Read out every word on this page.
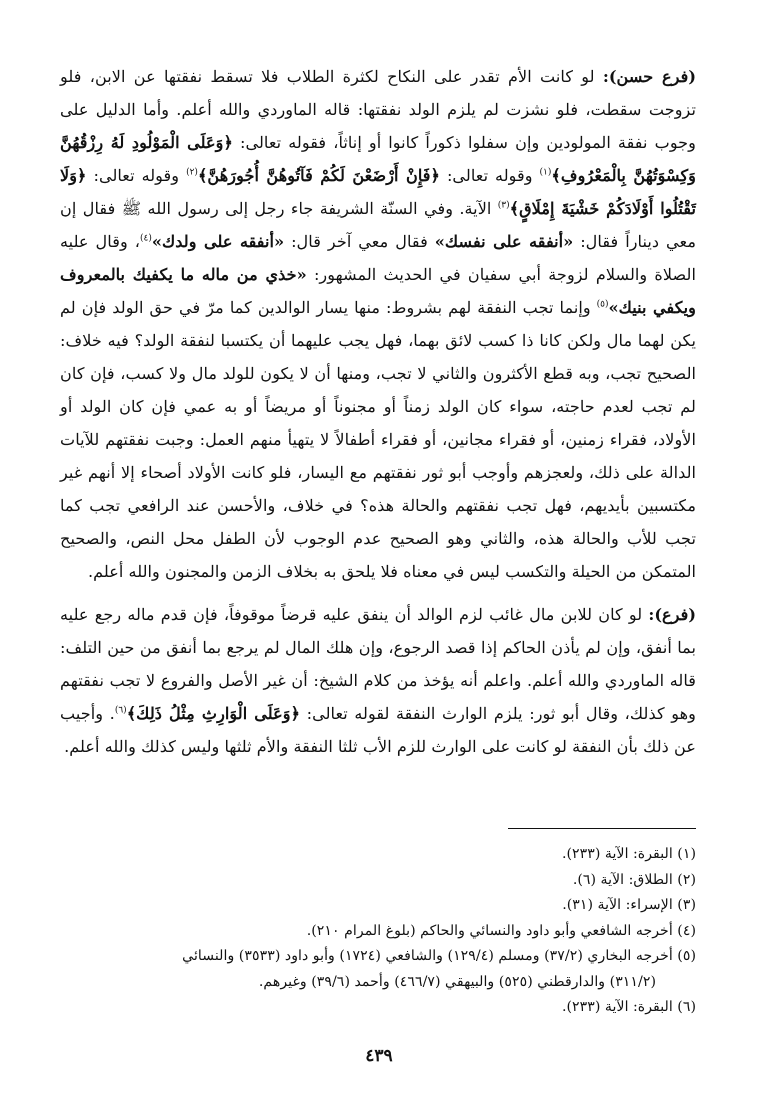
(فرع حسن): لو كانت الأم تقدر على النكاح لكثرة الطلاب فلا تسقط نفقتها عن الابن، فلو تزوجت سقطت، فلو نشزت لم يلزم الولد نفقتها: قاله الماوردي والله أعلم. وأما الدليل على وجوب نفقة المولودين وإن سفلوا ذكوراً كانوا أو إناثاً، فقوله تعالى: ﴿وَعَلَى الْمَوْلُودِ لَهُ رِزْقُهُنَّ وَكِسْوَتُهُنَّ بِالْمَعْرُوفِ﴾$^{(١)}$ وقوله تعالى: ﴿فَإِنْ أَرْضَعْنَ لَكُمْ فَآتُوهُنَّ أُجُورَهُنَّ﴾$^{(٢)}$ وقوله تعالى: ﴿وَلَا تَقْتُلُوا أَوْلَادَكُمْ خَشْيَةَ إِمْلَاقٍ﴾$^{(٣)}$ الآية. وفي السنّة الشريفة جاء رجل إلى رسول الله ﷺ فقال إن معي ديناراً فقال: «أنفقه على نفسك» فقال معي آخر قال: «أنفقه على ولدك»$^{(٤)}$، وقال عليه الصلاة والسلام لزوجة أبي سفيان في الحديث المشهور: «خذي من ماله ما يكفيك بالمعروف ويكفي بنيك»$^{(٥)}$ وإنما تجب النفقة لهم بشروط: منها يسار الوالدين كما مرّ في حق الولد فإن لم يكن لهما مال ولكن كانا ذا كسب لائق بهما، فهل يجب عليهما أن يكتسبا لنفقة الولد؟ فيه خلاف: الصحيح تجب، وبه قطع الأكثرون والثاني لا تجب، ومنها أن لا يكون للولد مال ولا كسب، فإن كان لم تجب لعدم حاجته، سواء كان الولد زمناً أو مجنوناً أو مريضاً أو به عمي فإن كان الولد أو الأولاد، فقراء زمنين، أو فقراء مجانين، أو فقراء أطفالاً لا يتهيأ منهم العمل: وجبت نفقتهم للآيات الدالة على ذلك، ولعجزهم وأوجب أبو ثور نفقتهم مع اليسار، فلو كانت الأولاد أصحاء إلا أنهم غير مكتسبين بأيديهم، فهل تجب نفقتهم والحالة هذه؟ في خلاف، والأحسن عند الرافعي تجب كما تجب للأب والحالة هذه، والثاني وهو الصحيح عدم الوجوب لأن الطفل محل النص، والصحيح المتمكن من الحيلة والتكسب ليس في معناه فلا يلحق به بخلاف الزمن والمجنون والله أعلم.

(فرع): لو كان للابن مال غائب لزم الوالد أن ينفق عليه قرضاً موقوفاً، فإن قدم ماله رجع عليه بما أنفق، وإن لم يأذن الحاكم إذا قصد الرجوع، وإن هلك المال لم يرجع بما أنفق من حين التلف: قاله الماوردي والله أعلم. واعلم أنه يؤخذ من كلام الشيخ: أن غير الأصل والفروع لا تجب نفقتهم وهو كذلك، وقال أبو ثور: يلزم الوارث النفقة لقوله تعالى: ﴿وَعَلَى الْوَارِثِ مِثْلُ ذَلِكَ﴾$^{(٦)}$. وأجيب عن ذلك بأن النفقة لو كانت على الوارث للزم الأب ثلثا النفقة والأم ثلثها وليس كذلك والله أعلم.

(١) البقرة: الآية (٢٣٣).
(٢) الطلاق: الآية (٦).
(٣) الإسراء: الآية (٣١).
(٤) أخرجه الشافعي وأبو داود والنسائي والحاكم (بلوغ المرام ٢١٠).
(٥) أخرجه البخاري (٣٧/٢) ومسلم (١٢٩/٤) والشافعي (١٧٢٤) وأبو داود (٣٥٣٣) والنسائي
(٣١١/٢) والدارقطني (٥٢٥) والبيهقي (٤٦٦/٧) وأحمد (٣٩/٦) وغيرهم.
(٦) البقرة: الآية (٢٣٣).
٤٣٩
